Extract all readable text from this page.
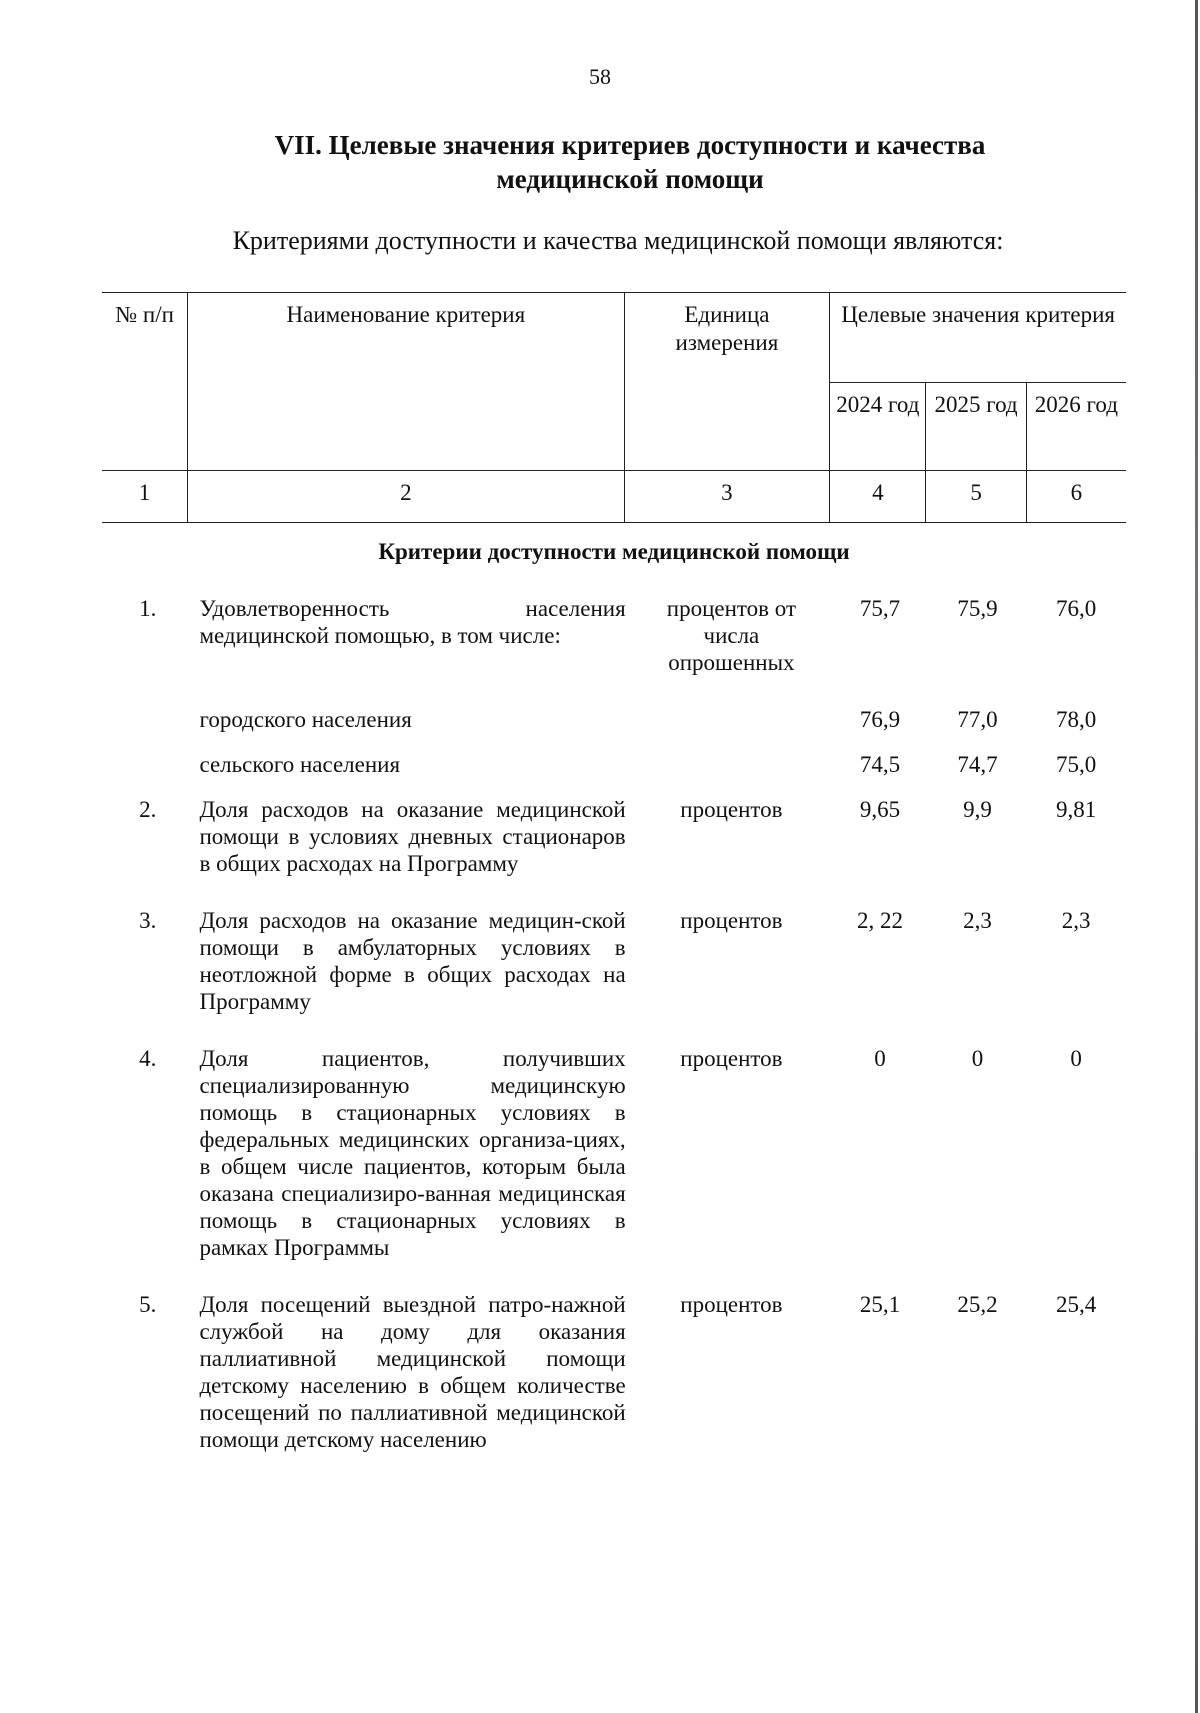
58
VII. Целевые значения критериев доступности и качества
медицинской помощи
Критериями доступности и качества медицинской помощи являются:
№ п/п	Наименование критерия	Единица измерения	Целевые значения критерия		
			2024 год	2025 год	2026 год
1	2	3	4	5	6
Критерии доступности медицинской помощи					
1.	Удовлетворенность населения медицинской помощью, в том числе:	процентов от числа опрошенных	75,7	75,9	76,0

	городского населения		76,9	77,0	78,0

	сельского населения		74,5	74,7	75,0

2.	Доля расходов на оказание медицинской помощи в условиях дневных стационаров в общих расходах на Программу	процентов	9,65	9,9	9,81

3.	Доля расходов на оказание медицин-ской помощи в амбулаторных условиях в неотложной форме в общих расходах на Программу	процентов	2, 22	2,3	2,3

4.	Доля пациентов, получивших специализированную медицинскую помощь в стационарных условиях в федеральных медицинских организа-циях, в общем числе пациентов, которым была оказана специализиро-ванная медицинская помощь в стационарных условиях в рамках Программы	процентов	0	0	0

5.	Доля посещений выездной патро-нажной службой на дому для оказания паллиативной медицинской помощи детскому населению в общем количестве посещений по паллиативной медицинской помощи детскому населению	процентов	25,1	25,2	25,4
